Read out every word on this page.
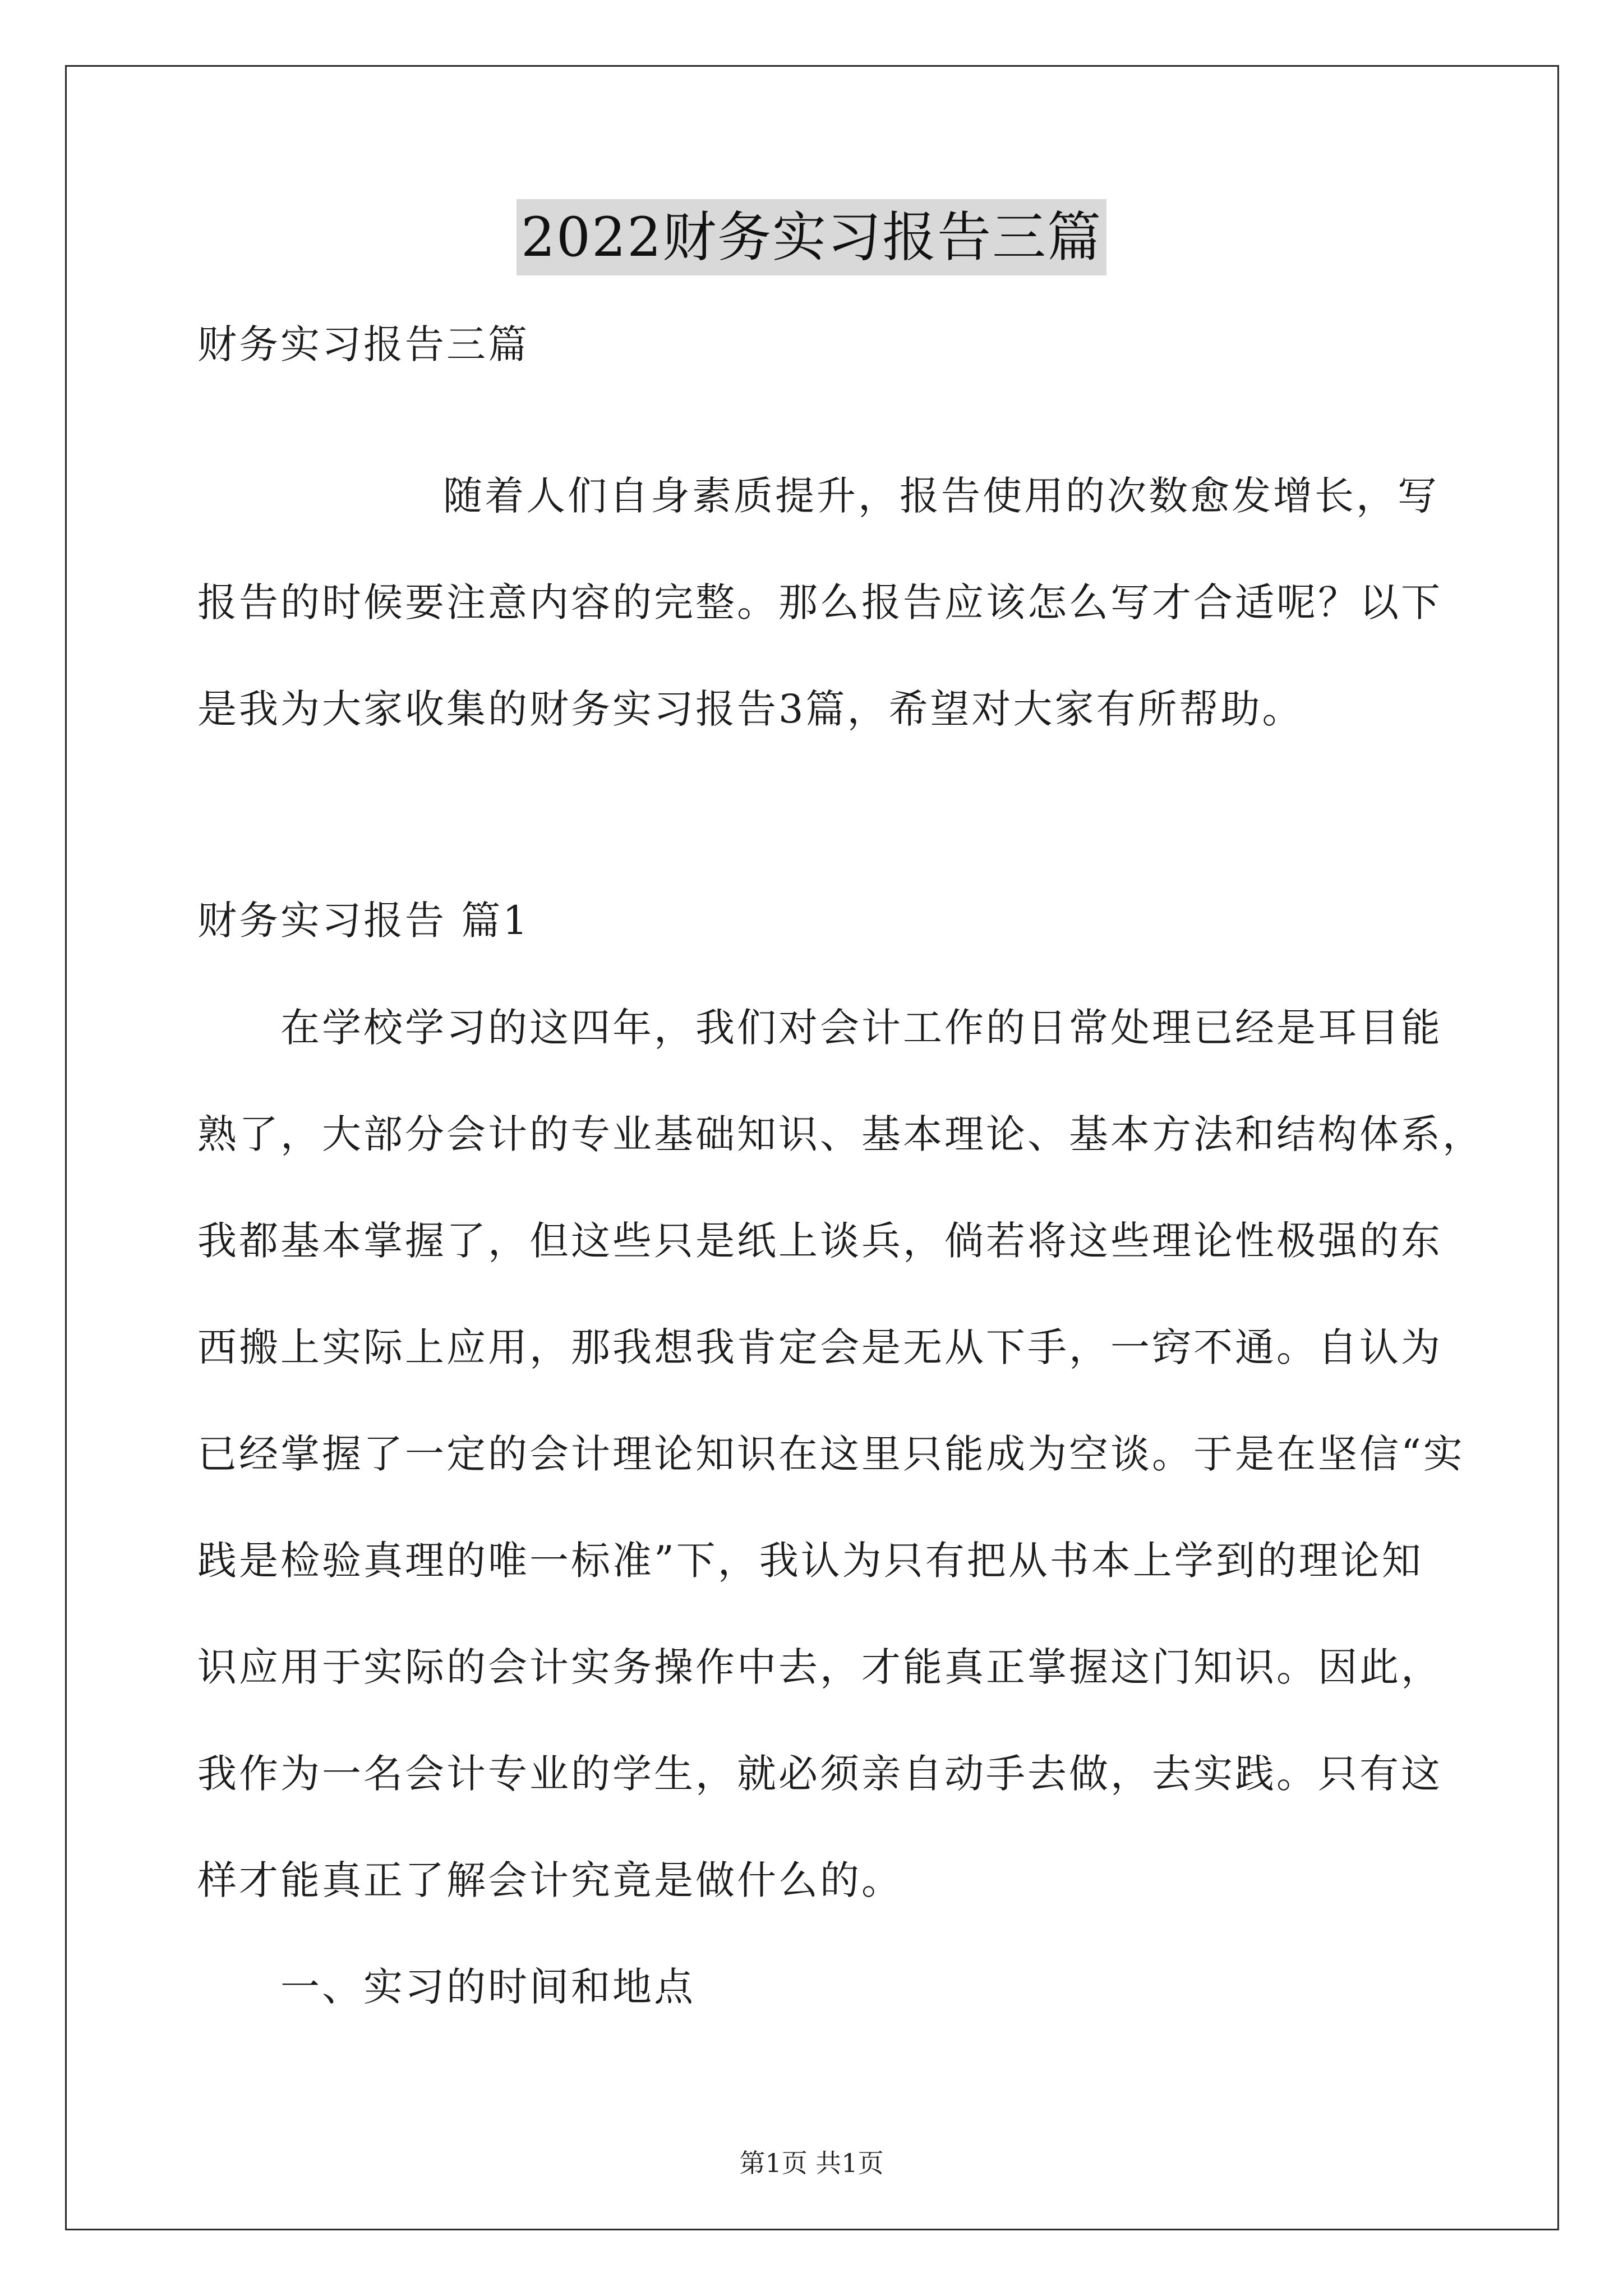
2022财务实习报告三篇
财务实习报告三篇
随着人们自身素质提升，报告使用的次数愈发增长，写
报告的时候要注意内容的完整。那么报告应该怎么写才合适呢？以下
是我为大家收集的财务实习报告3篇，希望对大家有所帮助。
财务实习报告 篇1
在学校学习的这四年，我们对会计工作的日常处理已经是耳目能
熟了，大部分会计的专业基础知识、基本理论、基本方法和结构体系，
我都基本掌握了，但这些只是纸上谈兵，倘若将这些理论性极强的东
西搬上实际上应用，那我想我肯定会是无从下手，一窍不通。自认为
已经掌握了一定的会计理论知识在这里只能成为空谈。于是在坚信“实
践是检验真理的唯一标准”下，我认为只有把从书本上学到的理论知
识应用于实际的会计实务操作中去，才能真正掌握这门知识。因此，
我作为一名会计专业的学生，就必须亲自动手去做，去实践。只有这
样才能真正了解会计究竟是做什么的。
一、实习的时间和地点
第1页 共1页
